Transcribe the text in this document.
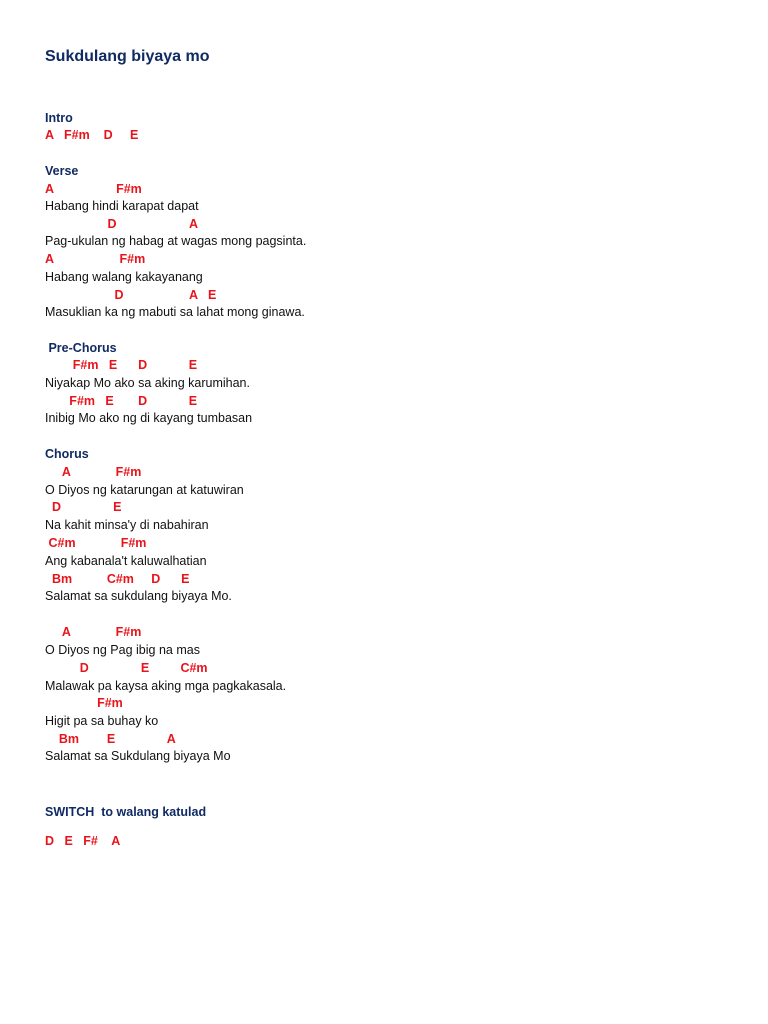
Sukdulang biyaya mo
Intro
A   F#m    D     E
Verse
A                  F#m
Habang hindi karapat dapat
D                     A
Pag-ukulan ng habag at wagas mong pagsinta.
A                   F#m
Habang walang kakayanang
D                   A   E
Masuklian ka ng mabuti sa lahat mong ginawa.
Pre-Chorus
F#m   E      D            E
Niyakap Mo ako sa aking karumihan.
F#m   E       D            E
Inibig Mo ako ng di kayang tumbasan
Chorus
A             F#m
O Diyos ng katarungan at katuwiran
D               E
Na kahit minsa'y di nabahiran
C#m             F#m
Ang kabanala't kaluwalhatian
Bm          C#m     D      E
Salamat sa sukdulang biyaya Mo.
A             F#m
O Diyos ng Pag ibig na mas
D               E         C#m
Malawak pa kaysa aking mga pagkakasala.
F#m
Higit pa sa buhay ko
Bm        E               A
Salamat sa Sukdulang biyaya Mo
SWITCH  to walang katulad
D   E   F#    A
